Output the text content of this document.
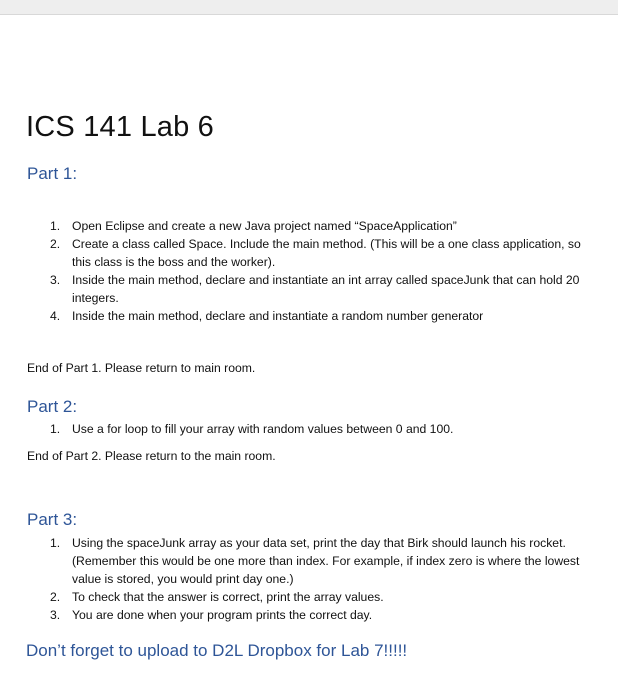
ICS 141 Lab 6
Part 1:
1. Open Eclipse and create a new Java project named “SpaceApplication”
2. Create a class called Space. Include the main method. (This will be a one class application, so this class is the boss and the worker).
3. Inside the main method, declare and instantiate an int array called spaceJunk that can hold 20 integers.
4. Inside the main method, declare and instantiate a random number generator

End of Part 1. Please return to main room.

Part 2:
1. Use a for loop to fill your array with random values between 0 and 100.

End of Part 2. Please return to the main room.

Part 3:
1. Using the spaceJunk array as your data set, print the day that Birk should launch his rocket. (Remember this would be one more than index. For example, if index zero is where the lowest value is stored, you would print day one.)
2. To check that the answer is correct, print the array values.
3. You are done when your program prints the correct day.

Don’t forget to upload to D2L Dropbox for Lab 7!!!!!
